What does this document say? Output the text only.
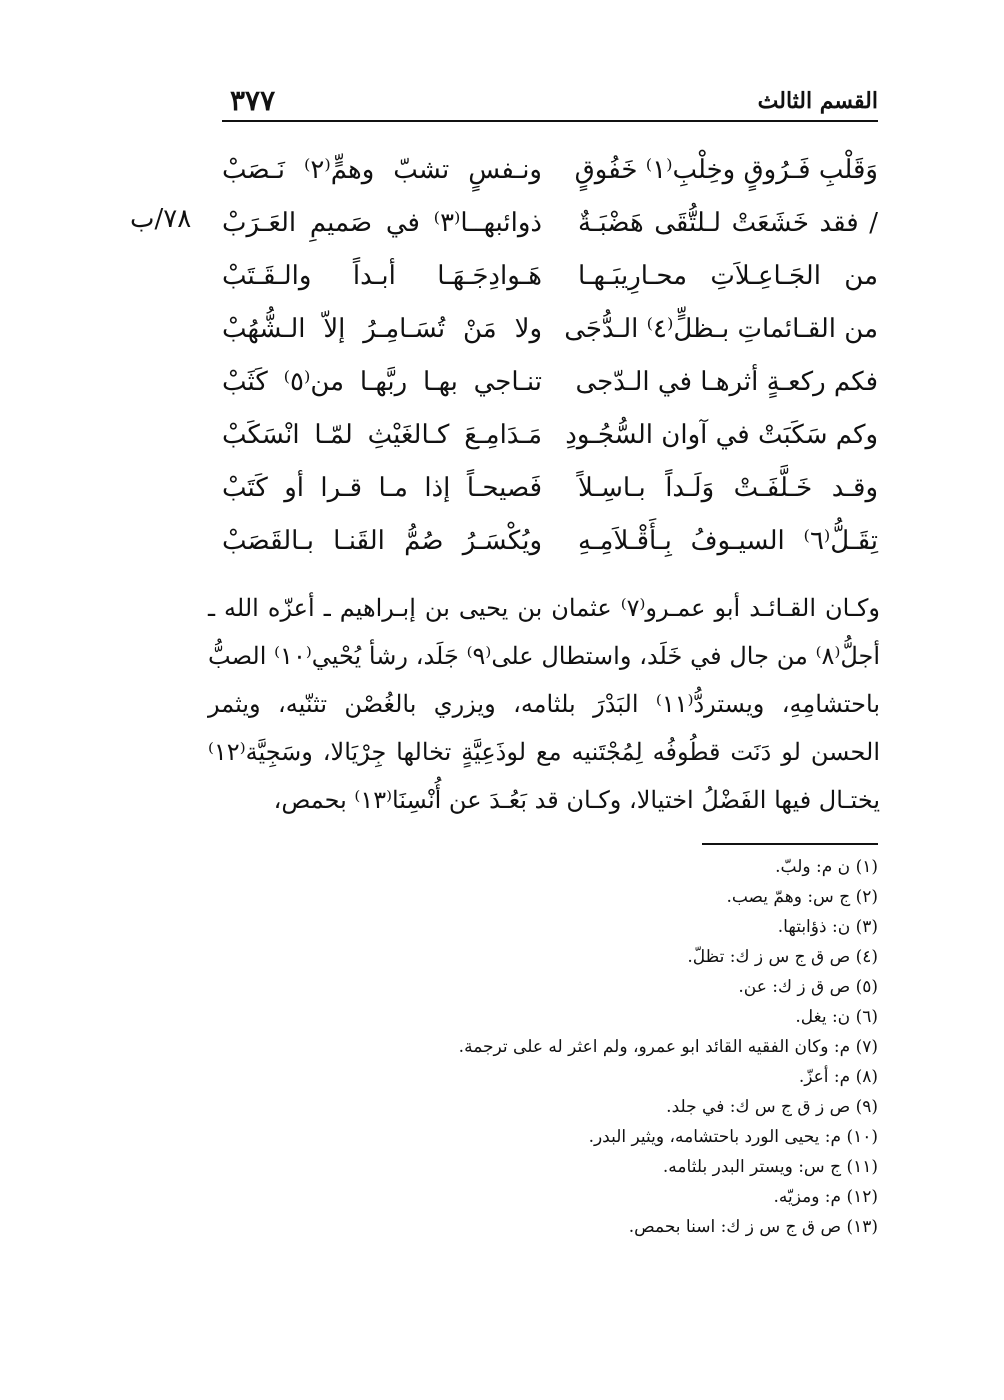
القسم الثالث
٣٧٧
٧٨/ب
وَقَلْبِ فَـرُوقٍ وخِلْبِ⁽١⁾ خَفُوقٍ
ونـفسٍ تشبّ وهمٍّ⁽٢⁾ نَـصَبْ
/ فقد خَشَعَتْ لـلتُّقَى هَضْبَـةٌ
ذوائبهــا⁽٣⁾ في صَميمِ العَـرَبْ
من الجَـاعِـلاَتِ محـارِيبَـهـا
هَـوادِجَـهَـا أبـداً والـقَـتَبْ
من القـائماتِ بـظلٍّ⁽٤⁾ الـدُّجَى
ولا مَنْ تُسَـامِـرُ إلاّ الـشُّهُبْ
فكم ركعـةٍ أثرهـا في الـدّجى
تنـاجي بهـا ربَّهـا من⁽٥⁾ كَثَبْ
وكم سَكَبَتْ في آوان السُّجُـودِ
مَـدَامِـعَ كـالغَيْثِ لمّـا انْسَكَبْ
وقـد خَـلَّفَـتْ وَلَـداً بـاسِـلاً
فَصيحـاً إذا مـا قـرا أو كَتَبْ
تِقَـلُّ⁽٦⁾ السيـوفُ بِـأَقْـلاَمِـهِ
ويُكْسَـرُ صُمُّ القَنـا بـالقَصَبْ

وكـان القـائـد أبو عمـرو⁽٧⁾ عثمان بن يحيى بن إبـراهيم ـ أعزّه الله ـ أجلُّ⁽٨⁾ من جال في خَلَد، واستطال على⁽٩⁾ جَلَد، رشأ يُحْيي⁽١٠⁾ الصبُّ باحتشامِهِ، ويستردُّ⁽١١⁾ البَدْرَ بلثامه، ويزري بالغُصْن تثنّيه، ويثمر الحسن لو دَنَت قطُوفُه لِمُجْتَنيه مع لوذَعِيَّةٍ تخالها جِرْيَالا، وسَجِيَّة⁽١٢⁾ يختـال فيها الفَضْلُ اختيالا، وكـان قد بَعُـدَ عن أُنْسِنَا⁽١٣⁾ بحمص،

(١) ن م: ولبّ.
(٢) ج س: وهمّ يصب.
(٣) ن: ذؤابتها.
(٤) ص ق ج س ز ك: تظلّ.
(٥) ص ق ز ك: عن.
(٦) ن: يغل.
(٧) م: وكان الفقيه القائد ابو عمرو، ولم اعثر له على ترجمة.
(٨) م: أعزّ.
(٩) ص ز ق ج س ك: في جلد.
(١٠) م: يحيى الورد باحتشامه، ويثير البدر.
(١١) ج س: ويستر البدر بلثامه.
(١٢) م: ومزيّه.
(١٣) ص ق ج س ز ك: اسنا بحمص.
